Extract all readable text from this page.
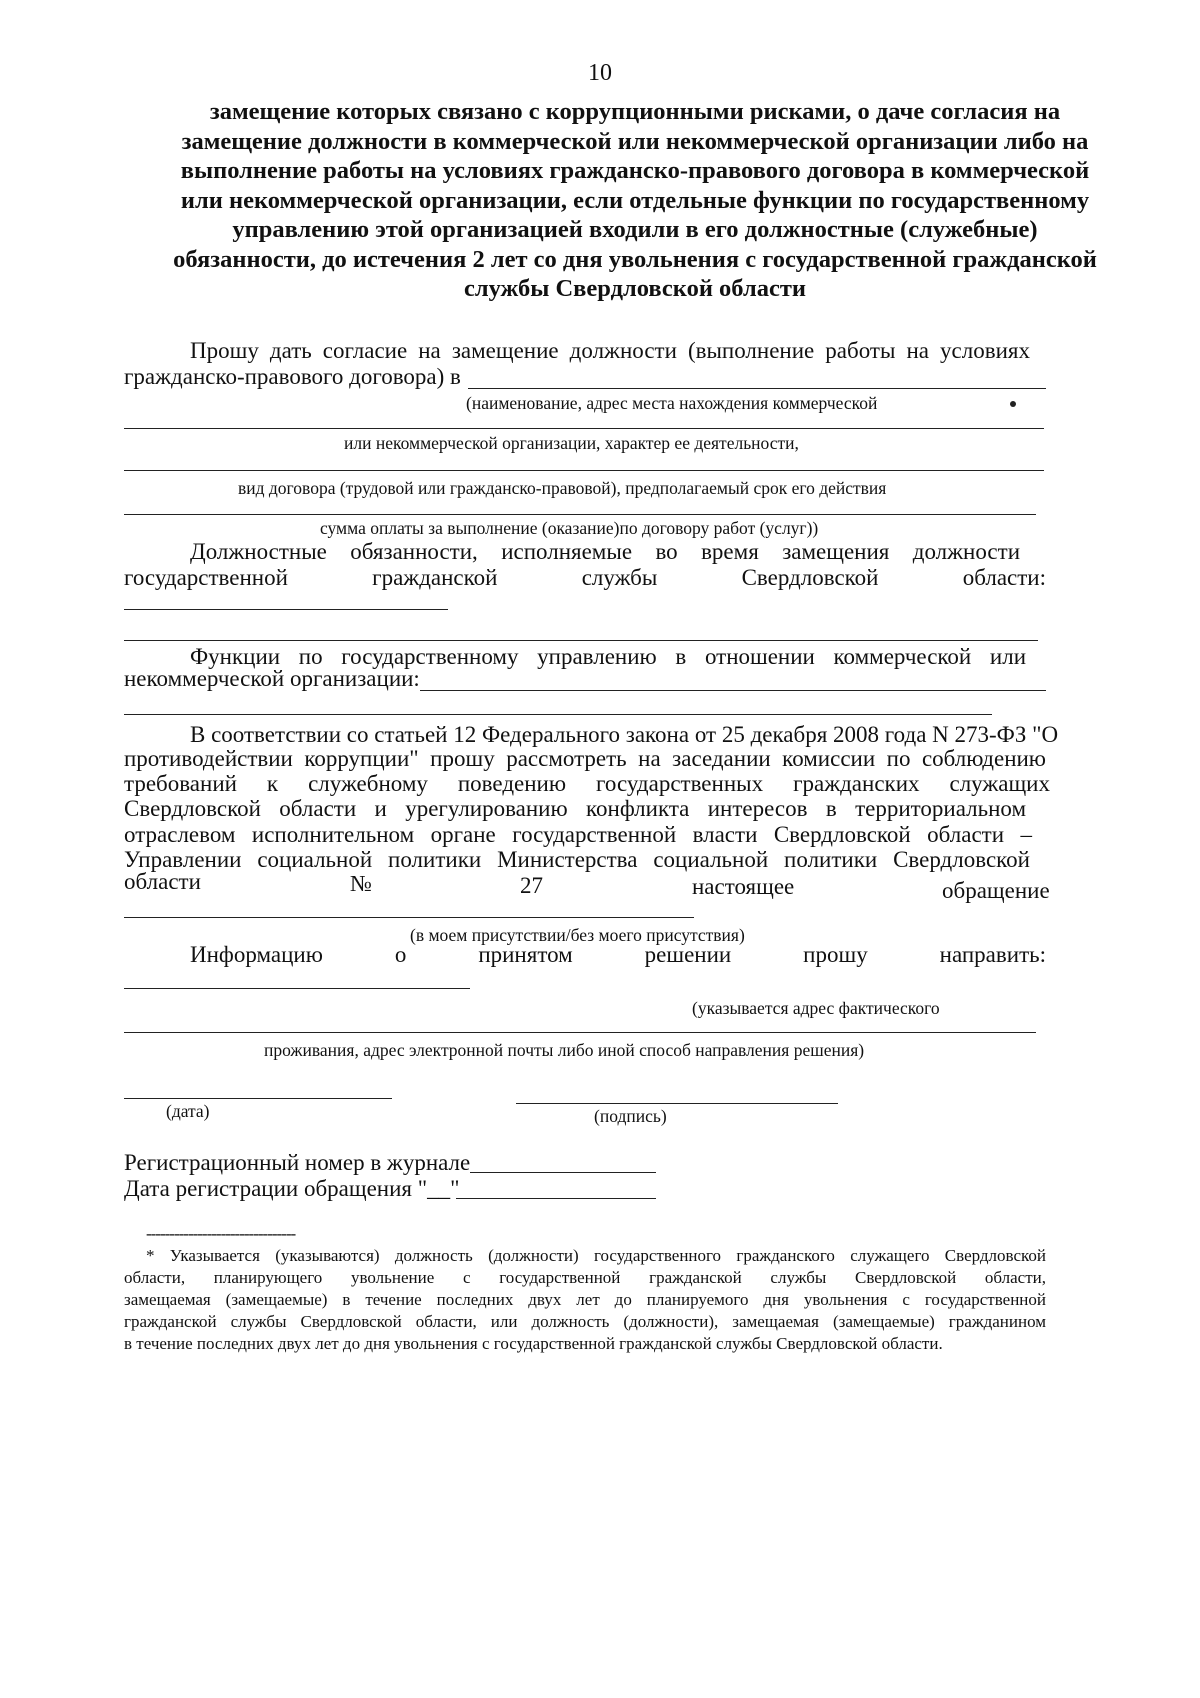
10
замещение которых связано с коррупционными рисками, о даче согласия на
замещение должности в коммерческой или некоммерческой организации либо на
выполнение работы на условиях гражданско-правового договора в коммерческой
или некоммерческой организации, если отдельные функции по государственному
управлению этой организацией входили в его должностные (служебные)
обязанности, до истечения 2 лет со дня увольнения с государственной гражданской
службы Свердловской области
Прошу дать согласие на замещение должности (выполнение работы на условиях
гражданско-правового договора) в
(наименование, адрес места нахождения коммерческой
или некоммерческой организации, характер ее деятельности,
вид договора (трудовой или гражданско-правовой), предполагаемый срок его действия
сумма оплаты за выполнение (оказание)по договору работ (услуг))
Должностные обязанности, исполняемые во время замещения должности
государственной гражданской службы Свердловской области:
Функции по государственному управлению в отношении коммерческой или
некоммерческой организации:
В соответствии со статьей 12 Федерального закона от 25 декабря 2008 года N 273-ФЗ "О
противодействии коррупции" прошу рассмотреть на заседании комиссии по соблюдению
требований к служебному поведению государственных гражданских служащих
Свердловской области и урегулированию конфликта интересов в территориальном
отраслевом исполнительном органе государственной власти Свердловской области –
Управлении социальной политики Министерства социальной политики Свердловской
области	№	27	настоящее	обращение
(в моем присутствии/без моего присутствия)
Информацию о принятом решении прошу направить:
(указывается адрес фактического
проживания, адрес электронной почты либо иной способ направления решения)
(дата)	(подпись)
Регистрационный номер в журнале
Дата регистрации обращения "__"
--------------------------------
* Указывается (указываются) должность (должности) государственного гражданского служащего Свердловской
области, планирующего увольнение с государственной гражданской службы Свердловской области,
замещаемая (замещаемые) в течение последних двух лет до планируемого дня увольнения с государственной
гражданской службы Свердловской области, или должность (должности), замещаемая (замещаемые) гражданином
в течение последних двух лет до дня увольнения с государственной гражданской службы Свердловской области.
